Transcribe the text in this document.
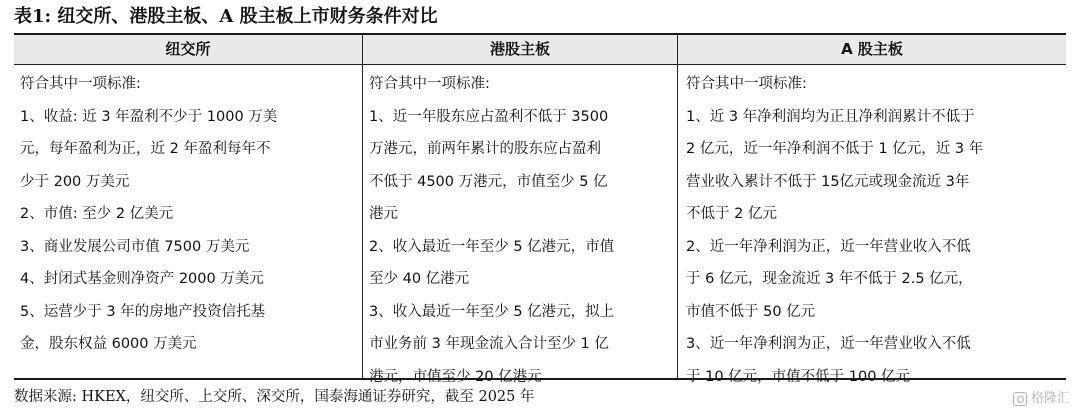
表1: 纽交所、港股主板、A 股主板上市财务条件对比
纽交所
符合其中一项标准:
1、收益: 近 3 年盈利不少于 1000 万美
元，每年盈利为正，近 2 年盈利每年不
少于 200 万美元
2、市值: 至少 2 亿美元
3、商业发展公司市值 7500 万美元
4、封闭式基金则净资产 2000 万美元
5、运营少于 3 年的房地产投资信托基
金，股东权益 6000 万美元
港股主板
符合其中一项标准:
1、近一年股东应占盈利不低于 3500
万港元，前两年累计的股东应占盈利
不低于 4500 万港元，市值至少 5 亿
港元
2、收入最近一年至少 5 亿港元，市值
至少 40 亿港元
3、收入最近一年至少 5 亿港元，拟上
市业务前 3 年现金流入合计至少 1 亿
港元，市值至少 20 亿港元
A 股主板
符合其中一项标准:
1、近 3 年净利润均为正且净利润累计不低于
2 亿元，近一年净利润不低于 1 亿元，近 3 年
营业收入累计不低于 15亿元或现金流近 3年
不低于 2 亿元
2、近一年净利润为正，近一年营业收入不低
于 6 亿元，现金流近 3 年不低于 2.5 亿元，
市值不低于 50 亿元
3、近一年净利润为正，近一年营业收入不低
于 10 亿元，市值不低于 100 亿元
数据来源: HKEX，纽交所、上交所、深交所，国泰海通证券研究，截至 2025 年	格隆汇
